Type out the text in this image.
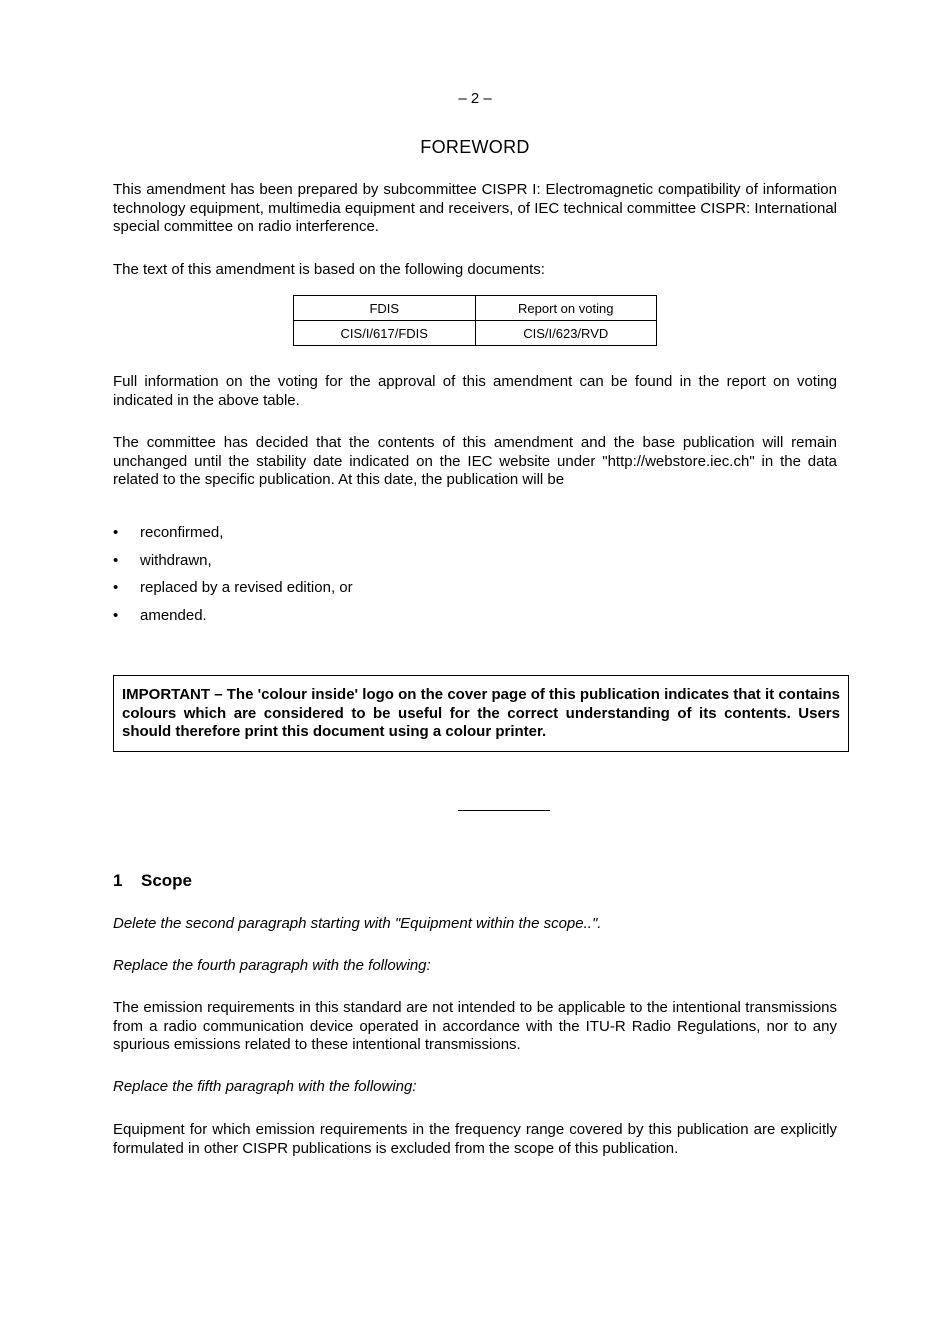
– 2 –
FOREWORD

This amendment has been prepared by subcommittee CISPR I: Electromagnetic compatibility of information technology equipment, multimedia equipment and receivers, of IEC technical committee CISPR: International special committee on radio interference.

The text of this amendment is based on the following documents:

FDIS	Report on voting
CIS/I/617/FDIS	CIS/I/623/RVD

Full information on the voting for the approval of this amendment can be found in the report on voting indicated in the above table.

The committee has decided that the contents of this amendment and the base publication will remain unchanged until the stability date indicated on the IEC website under "http://webstore.iec.ch" in the data related to the specific publication. At this date, the publication will be

•	reconfirmed,
•	withdrawn,
•	replaced by a revised edition, or
•	amended.
IMPORTANT – The 'colour inside' logo on the cover page of this publication indicates that it contains colours which are considered to be useful for the correct understanding of its contents. Users should therefore print this document using a colour printer.
1 Scope

Delete the second paragraph starting with "Equipment within the scope..".

Replace the fourth paragraph with the following:

The emission requirements in this standard are not intended to be applicable to the intentional transmissions from a radio communication device operated in accordance with the ITU-R Radio Regulations, nor to any spurious emissions related to these intentional transmissions.

Replace the fifth paragraph with the following:

Equipment for which emission requirements in the frequency range covered by this publication are explicitly formulated in other CISPR publications is excluded from the scope of this publication.
